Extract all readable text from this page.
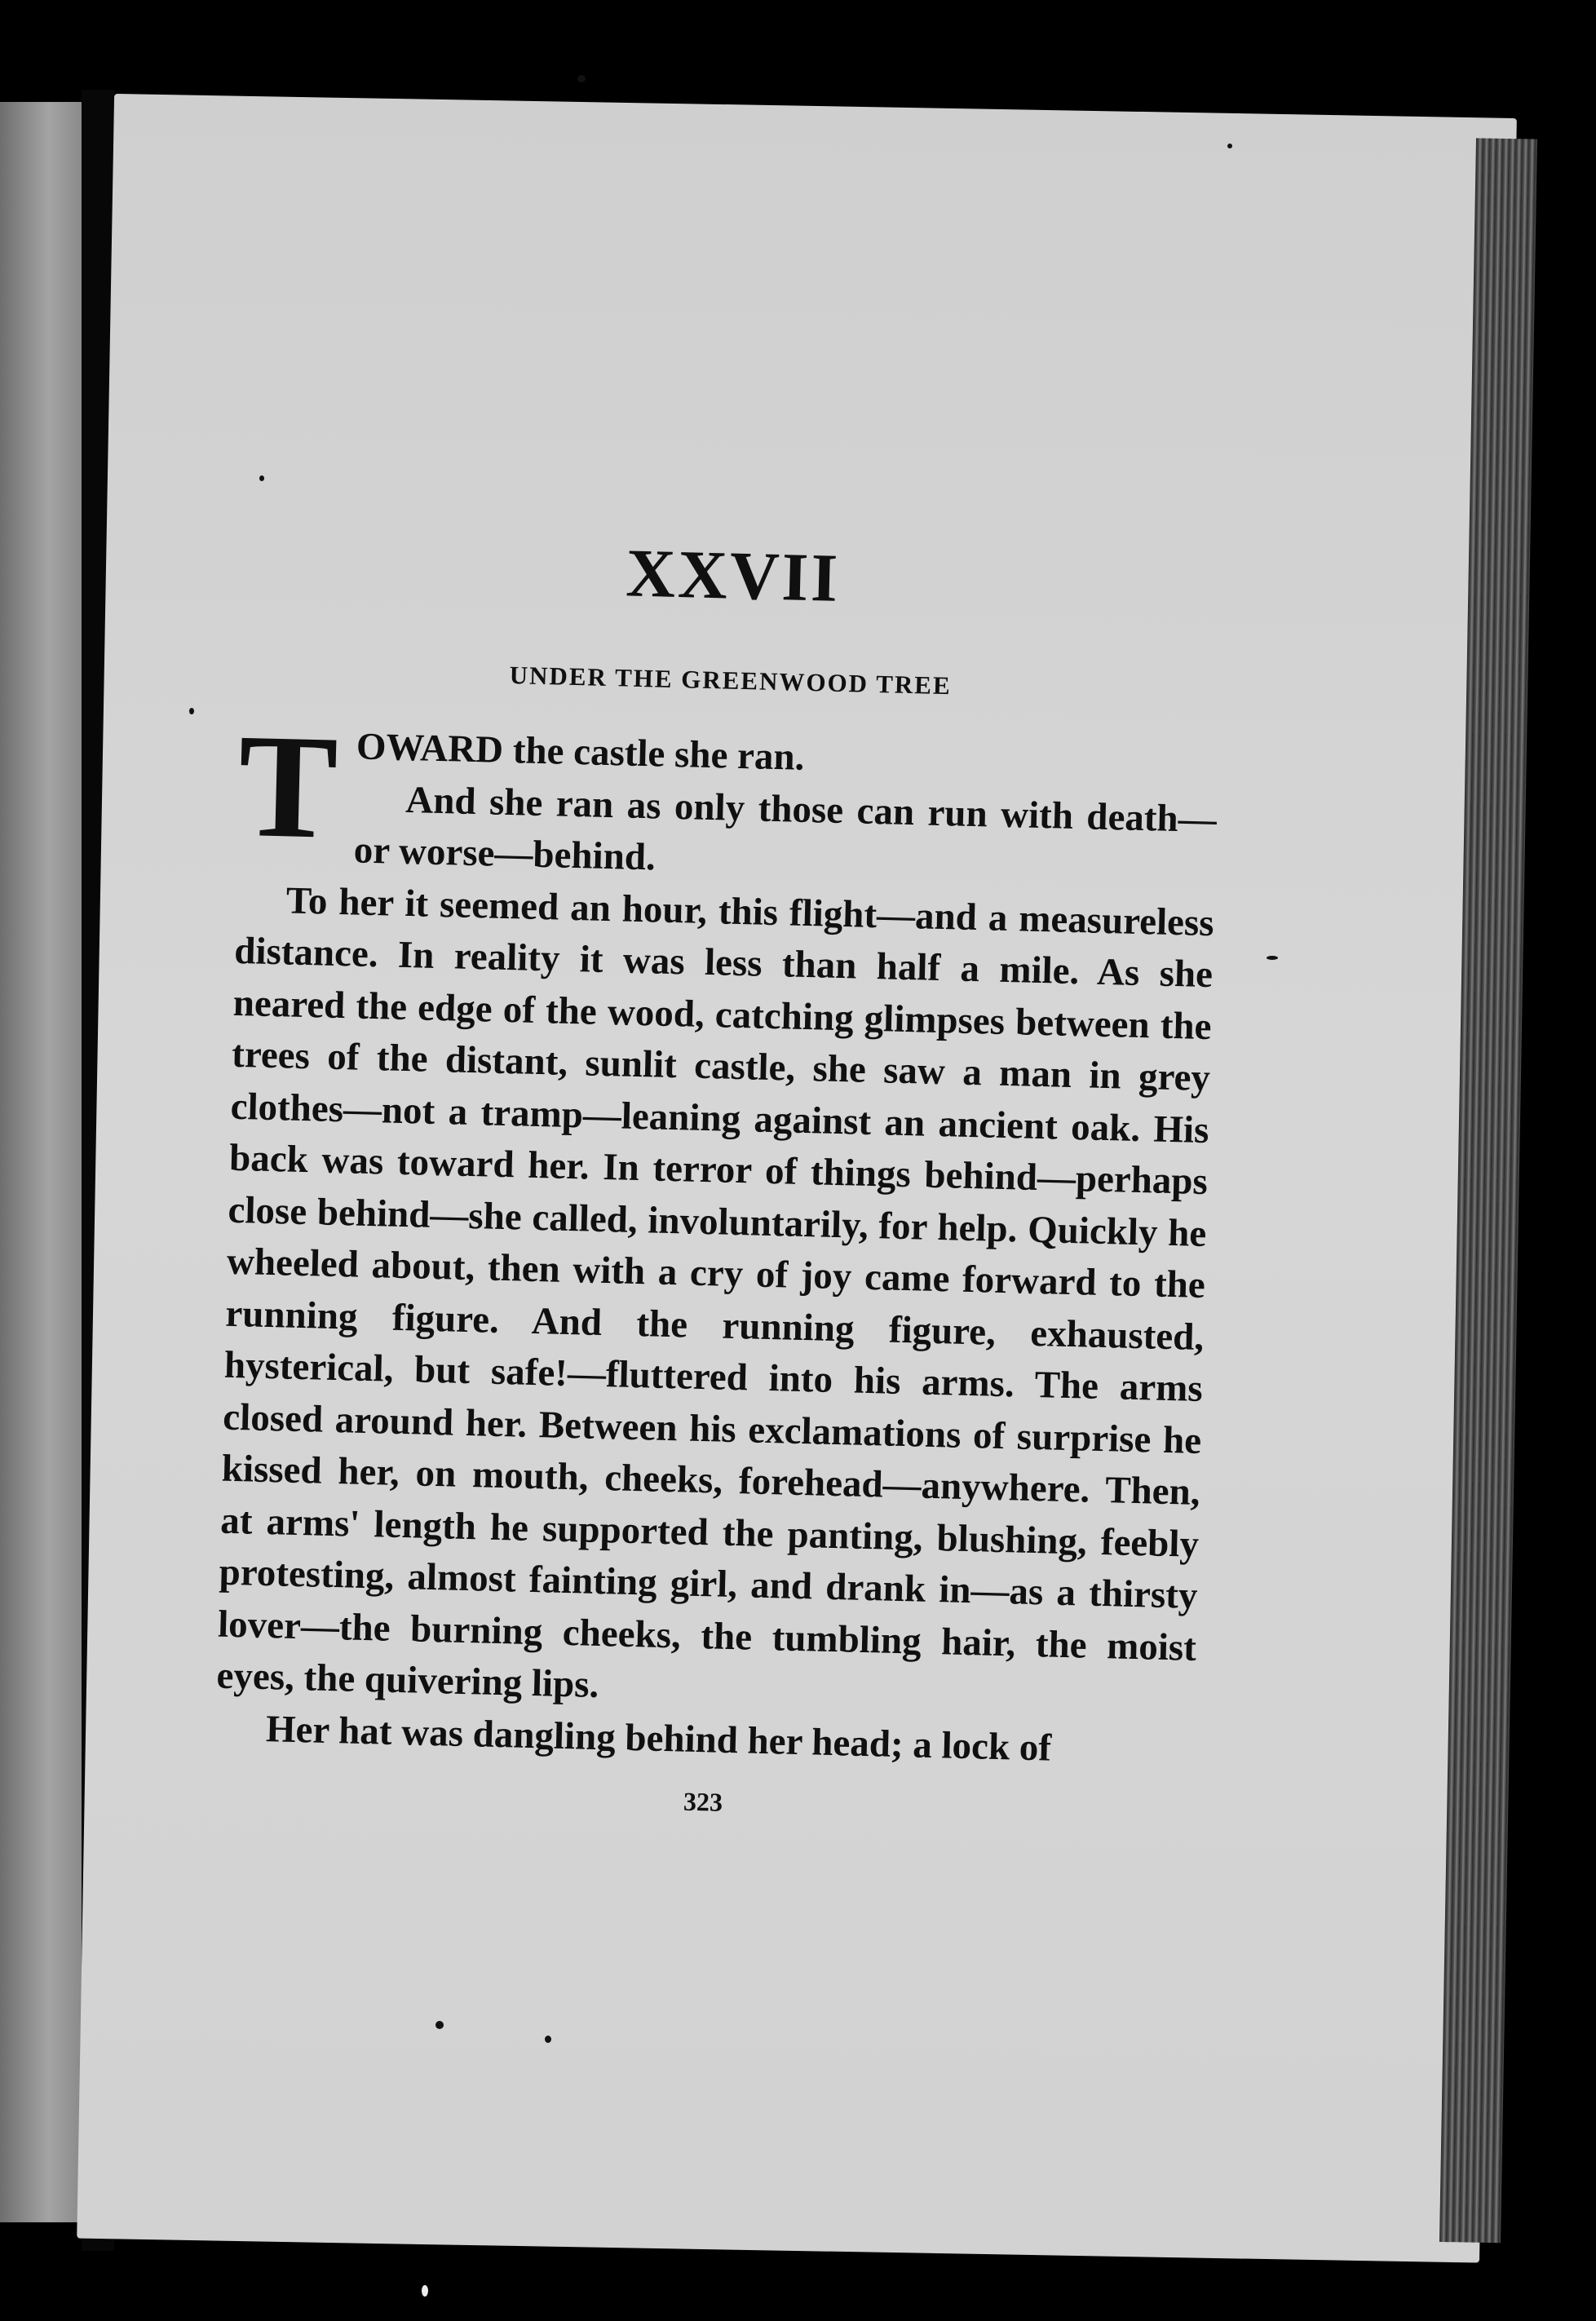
XXVII
UNDER THE GREENWOOD TREE
T OWARD the castle she ran.

And she ran as only those can run with death—or worse—behind.

To her it seemed an hour, this flight—and a measureless distance. In reality it was less than half a mile. As she neared the edge of the wood, catching glimpses between the trees of the distant, sunlit castle, she saw a man in grey clothes—not a tramp—leaning against an ancient oak. His back was toward her. In terror of things behind—perhaps close behind—she called, involuntarily, for help. Quickly he wheeled about, then with a cry of joy came forward to the running figure. And the running figure, exhausted, hysterical, but safe!—fluttered into his arms. The arms closed around her. Between his exclamations of surprise he kissed her, on mouth, cheeks, forehead—anywhere. Then, at arms' length he supported the panting, blushing, feebly protesting, almost fainting girl, and drank in—as a thirsty lover—the burning cheeks, the tumbling hair, the moist eyes, the quivering lips.

Her hat was dangling behind her head; a lock of

323
